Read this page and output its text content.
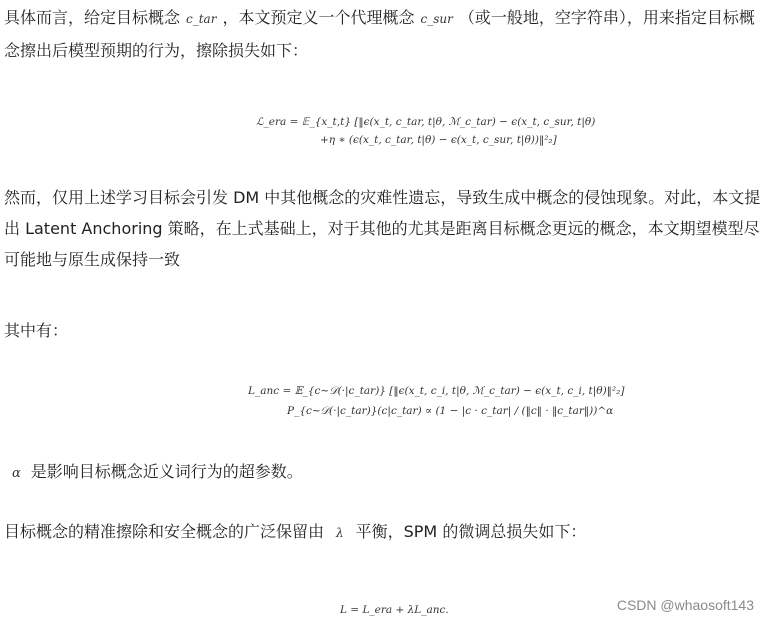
具体而言，给定目标概念 c_tar ，本文预定义一个代理概念 c_sur （或一般地，空字符串），用来指定目标概念擦出后模型预期的行为，擦除损失如下：
ℒ_era = 𝔼_{x_t,t} [‖ϵ(x_t, c_tar, t|θ, ℳ_c_tar) − ϵ(x_t, c_sur, t|θ)
+η ∗ (ϵ(x_t, c_tar, t|θ) − ϵ(x_t, c_sur, t|θ))‖²₂]
然而，仅用上述学习目标会引发 DM 中其他概念的灾难性遗忘，导致生成中概念的侵蚀现象。对此，本文提出 Latent Anchoring 策略，在上式基础上，对于其他的尤其是距离目标概念更远的概念，本文期望模型尽可能地与原生成保持一致
其中有：
L_anc = 𝔼_{c∼𝒟(·|c_tar)} [‖ϵ(x_t, c_i, t|θ, ℳ_c_tar) − ϵ(x_t, c_i, t|θ)‖²₂]
P_{c∼𝒟(·|c_tar)}(c|c_tar) ∝ (1 − |c · c_tar| / (‖c‖ · ‖c_tar‖))^α
α 是影响目标概念近义词行为的超参数。
目标概念的精准擦除和安全概念的广泛保留由 λ 平衡，SPM 的微调总损失如下：
L = L_era + λL_anc.	CSDN @whaosoft143
